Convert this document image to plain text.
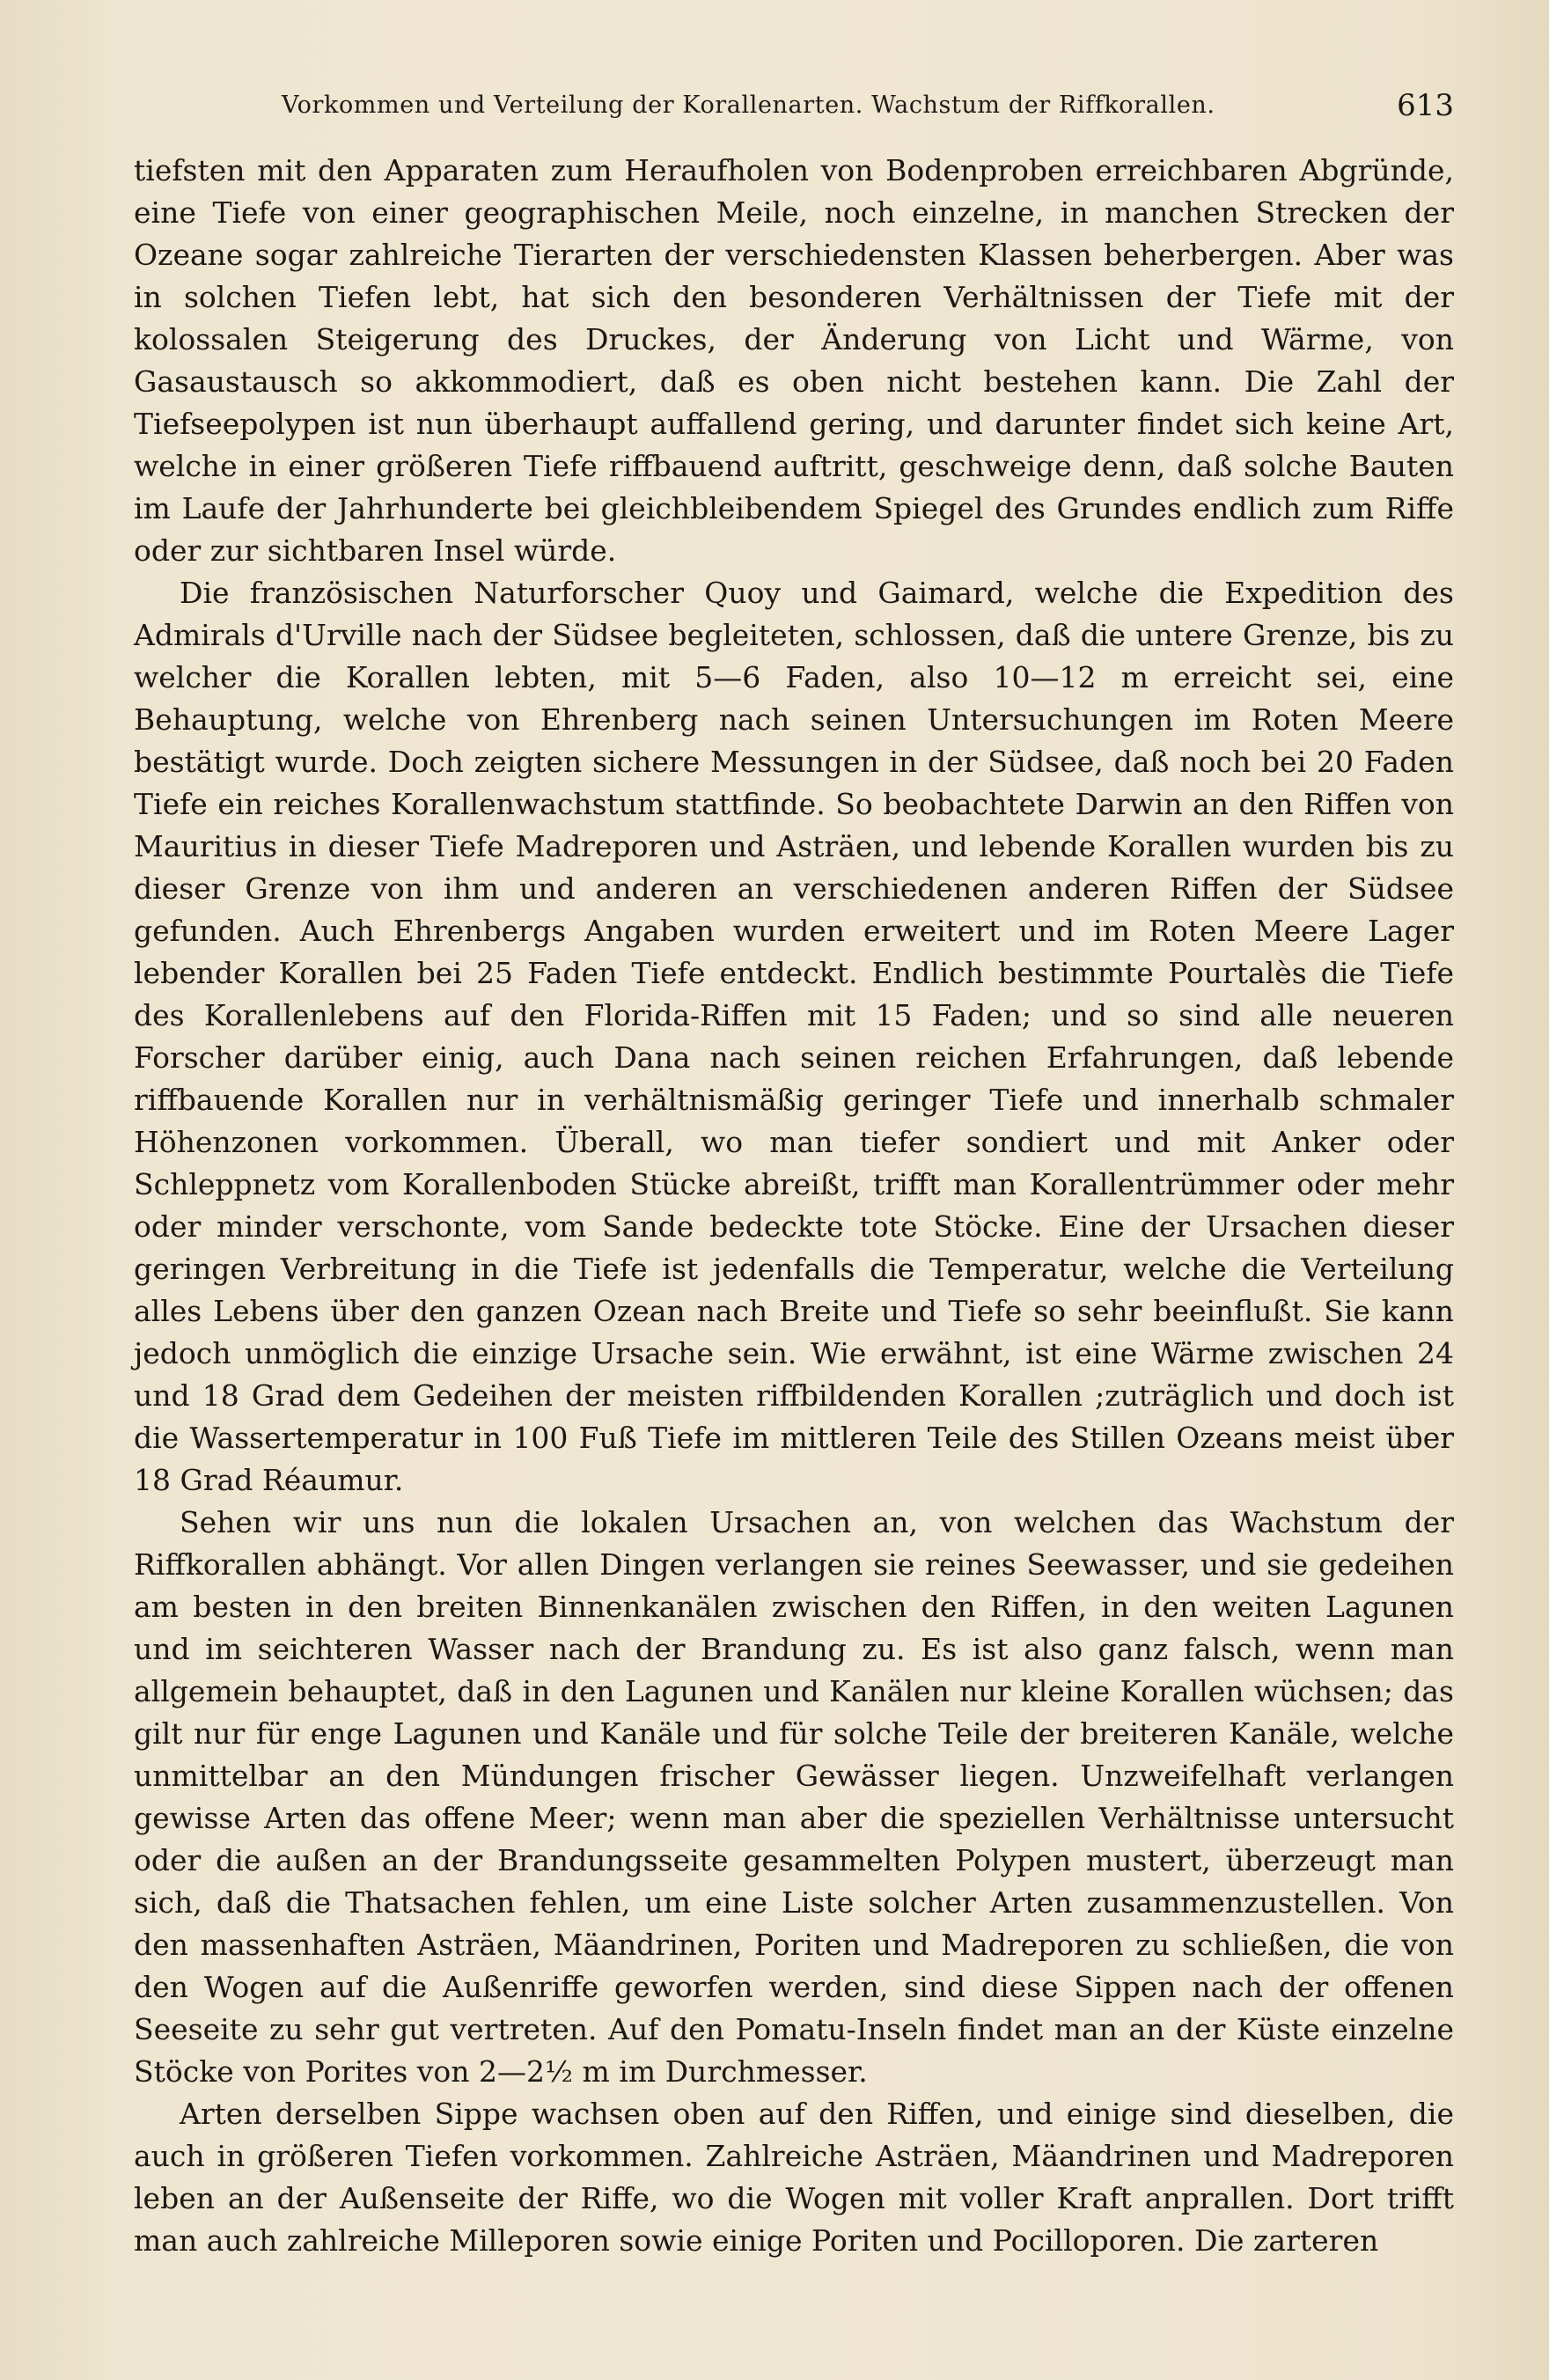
Vorkommen und Verteilung der Korallenarten. Wachstum der Riffkorallen.	613

tiefsten mit den Apparaten zum Heraufholen von Bodenproben erreichbaren Abgründe, eine Tiefe von einer geographischen Meile, noch einzelne, in manchen Strecken der Ozeane sogar zahlreiche Tierarten der verschiedensten Klassen beherbergen. Aber was in solchen Tiefen lebt, hat sich den besonderen Verhältnissen der Tiefe mit der kolossalen Steigerung des Druckes, der Änderung von Licht und Wärme, von Gasaustausch so akkommodiert, daß es oben nicht bestehen kann. Die Zahl der Tiefseepolypen ist nun überhaupt auffallend gering, und darunter findet sich keine Art, welche in einer größeren Tiefe riffbauend auftritt, geschweige denn, daß solche Bauten im Laufe der Jahrhunderte bei gleichbleibendem Spiegel des Grundes endlich zum Riffe oder zur sichtbaren Insel würde.

Die französischen Naturforscher Quoy und Gaimard, welche die Expedition des Admirals d'Urville nach der Südsee begleiteten, schlossen, daß die untere Grenze, bis zu welcher die Korallen lebten, mit 5—6 Faden, also 10—12 m erreicht sei, eine Behauptung, welche von Ehrenberg nach seinen Untersuchungen im Roten Meere bestätigt wurde. Doch zeigten sichere Messungen in der Südsee, daß noch bei 20 Faden Tiefe ein reiches Korallenwachstum stattfinde. So beobachtete Darwin an den Riffen von Mauritius in dieser Tiefe Madreporen und Asträen, und lebende Korallen wurden bis zu dieser Grenze von ihm und anderen an verschiedenen anderen Riffen der Südsee gefunden. Auch Ehrenbergs Angaben wurden erweitert und im Roten Meere Lager lebender Korallen bei 25 Faden Tiefe entdeckt. Endlich bestimmte Pourtalès die Tiefe des Korallenlebens auf den Florida-Riffen mit 15 Faden; und so sind alle neueren Forscher darüber einig, auch Dana nach seinen reichen Erfahrungen, daß lebende riffbauende Korallen nur in verhältnismäßig geringer Tiefe und innerhalb schmaler Höhenzonen vorkommen. Überall, wo man tiefer sondiert und mit Anker oder Schleppnetz vom Korallenboden Stücke abreißt, trifft man Korallentrümmer oder mehr oder minder verschonte, vom Sande bedeckte tote Stöcke. Eine der Ursachen dieser geringen Verbreitung in die Tiefe ist jedenfalls die Temperatur, welche die Verteilung alles Lebens über den ganzen Ozean nach Breite und Tiefe so sehr beeinflußt. Sie kann jedoch unmöglich die einzige Ursache sein. Wie erwähnt, ist eine Wärme zwischen 24 und 18 Grad dem Gedeihen der meisten riffbildenden Korallen ;zuträglich und doch ist die Wassertemperatur in 100 Fuß Tiefe im mittleren Teile des Stillen Ozeans meist über 18 Grad Réaumur.

Sehen wir uns nun die lokalen Ursachen an, von welchen das Wachstum der Riffkorallen abhängt. Vor allen Dingen verlangen sie reines Seewasser, und sie gedeihen am besten in den breiten Binnenkanälen zwischen den Riffen, in den weiten Lagunen und im seichteren Wasser nach der Brandung zu. Es ist also ganz falsch, wenn man allgemein behauptet, daß in den Lagunen und Kanälen nur kleine Korallen wüchsen; das gilt nur für enge Lagunen und Kanäle und für solche Teile der breiteren Kanäle, welche unmittelbar an den Mündungen frischer Gewässer liegen. Unzweifelhaft verlangen gewisse Arten das offene Meer; wenn man aber die speziellen Verhältnisse untersucht oder die außen an der Brandungsseite gesammelten Polypen mustert, überzeugt man sich, daß die Thatsachen fehlen, um eine Liste solcher Arten zusammenzustellen. Von den massenhaften Asträen, Mäandrinen, Poriten und Madreporen zu schließen, die von den Wogen auf die Außenriffe geworfen werden, sind diese Sippen nach der offenen Seeseite zu sehr gut vertreten. Auf den Pomatu-Inseln findet man an der Küste einzelne Stöcke von Porites von 2—2½ m im Durchmesser.

Arten derselben Sippe wachsen oben auf den Riffen, und einige sind dieselben, die auch in größeren Tiefen vorkommen. Zahlreiche Asträen, Mäandrinen und Madreporen leben an der Außenseite der Riffe, wo die Wogen mit voller Kraft anprallen. Dort trifft man auch zahlreiche Milleporen sowie einige Poriten und Pocilloporen. Die zarteren
